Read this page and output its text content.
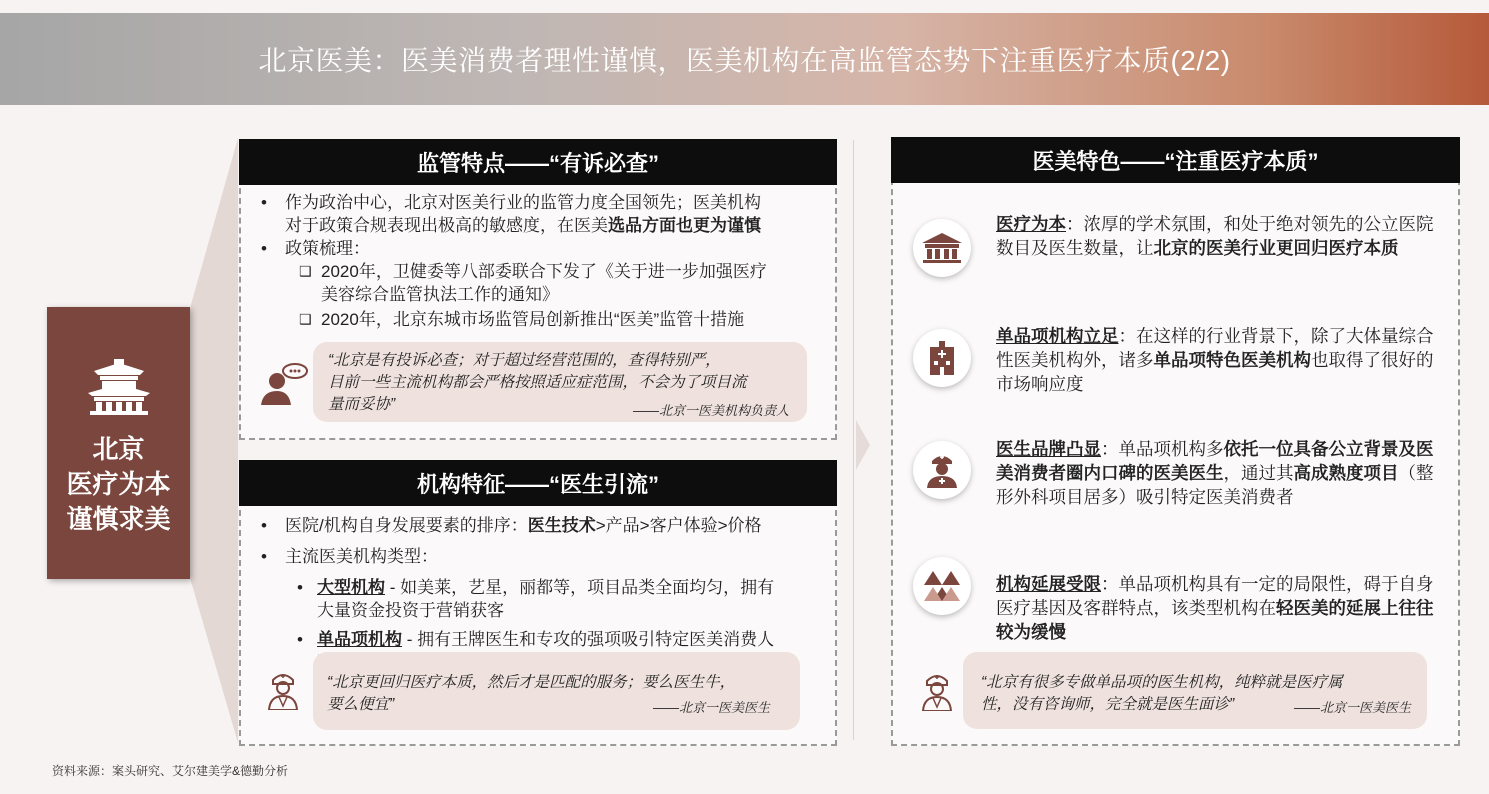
北京医美：医美消费者理性谨慎，医美机构在高监管态势下注重医疗本质(2/2)
北京
医疗为本
谨慎求美
监管特点——“有诉必查”
• 作为政治中心，北京对医美行业的监管力度全国领先；医美机构
对于政策合规表现出极高的敏感度，在医美选品方面也更为谨慎
• 政策梳理：
❑ 2020年，卫健委等八部委联合下发了《关于进一步加强医疗
美容综合监管执法工作的通知》
❑ 2020年，北京东城市场监管局创新推出“医美”监管十措施
“北京是有投诉必查；对于超过经营范围的，查得特别严，
目前一些主流机构都会严格按照适应症范围，不会为了项目流
量而妥协”	——北京一医美机构负责人
机构特征——“医生引流”
• 医院/机构自身发展要素的排序：医生技术>产品>客户体验>价格
• 主流医美机构类型：
• 大型机构 - 如美莱，艺星，丽都等，项目品类全面均匀，拥有
大量资金投资于营销获客
• 单品项机构 - 拥有王牌医生和专攻的强项吸引特定医美消费人

“北京更回归医疗本质，然后才是匹配的服务；要么医生牛，
要么便宜”	——北京一医美医生
医美特色——“注重医疗本质”
医疗为本：浓厚的学术氛围，和处于绝对领先的公立医院数目及医生数量，让北京的医美行业更回归医疗本质
单品项机构立足：在这样的行业背景下，除了大体量综合性医美机构外，诸多单品项特色医美机构也取得了很好的市场响应度
医生品牌凸显：单品项机构多依托一位具备公立背景及医美消费者圈内口碑的医美医生，通过其高成熟度项目（整形外科项目居多）吸引特定医美消费者
机构延展受限：单品项机构具有一定的局限性，碍于自身医疗基因及客群特点，该类型机构在轻医美的延展上往往较为缓慢
“北京有很多专做单品项的医生机构，纯粹就是医疗属
性，没有咨询师，完全就是医生面诊”	——北京一医美医生
资料来源：案头研究、艾尔建美学&德勤分析
